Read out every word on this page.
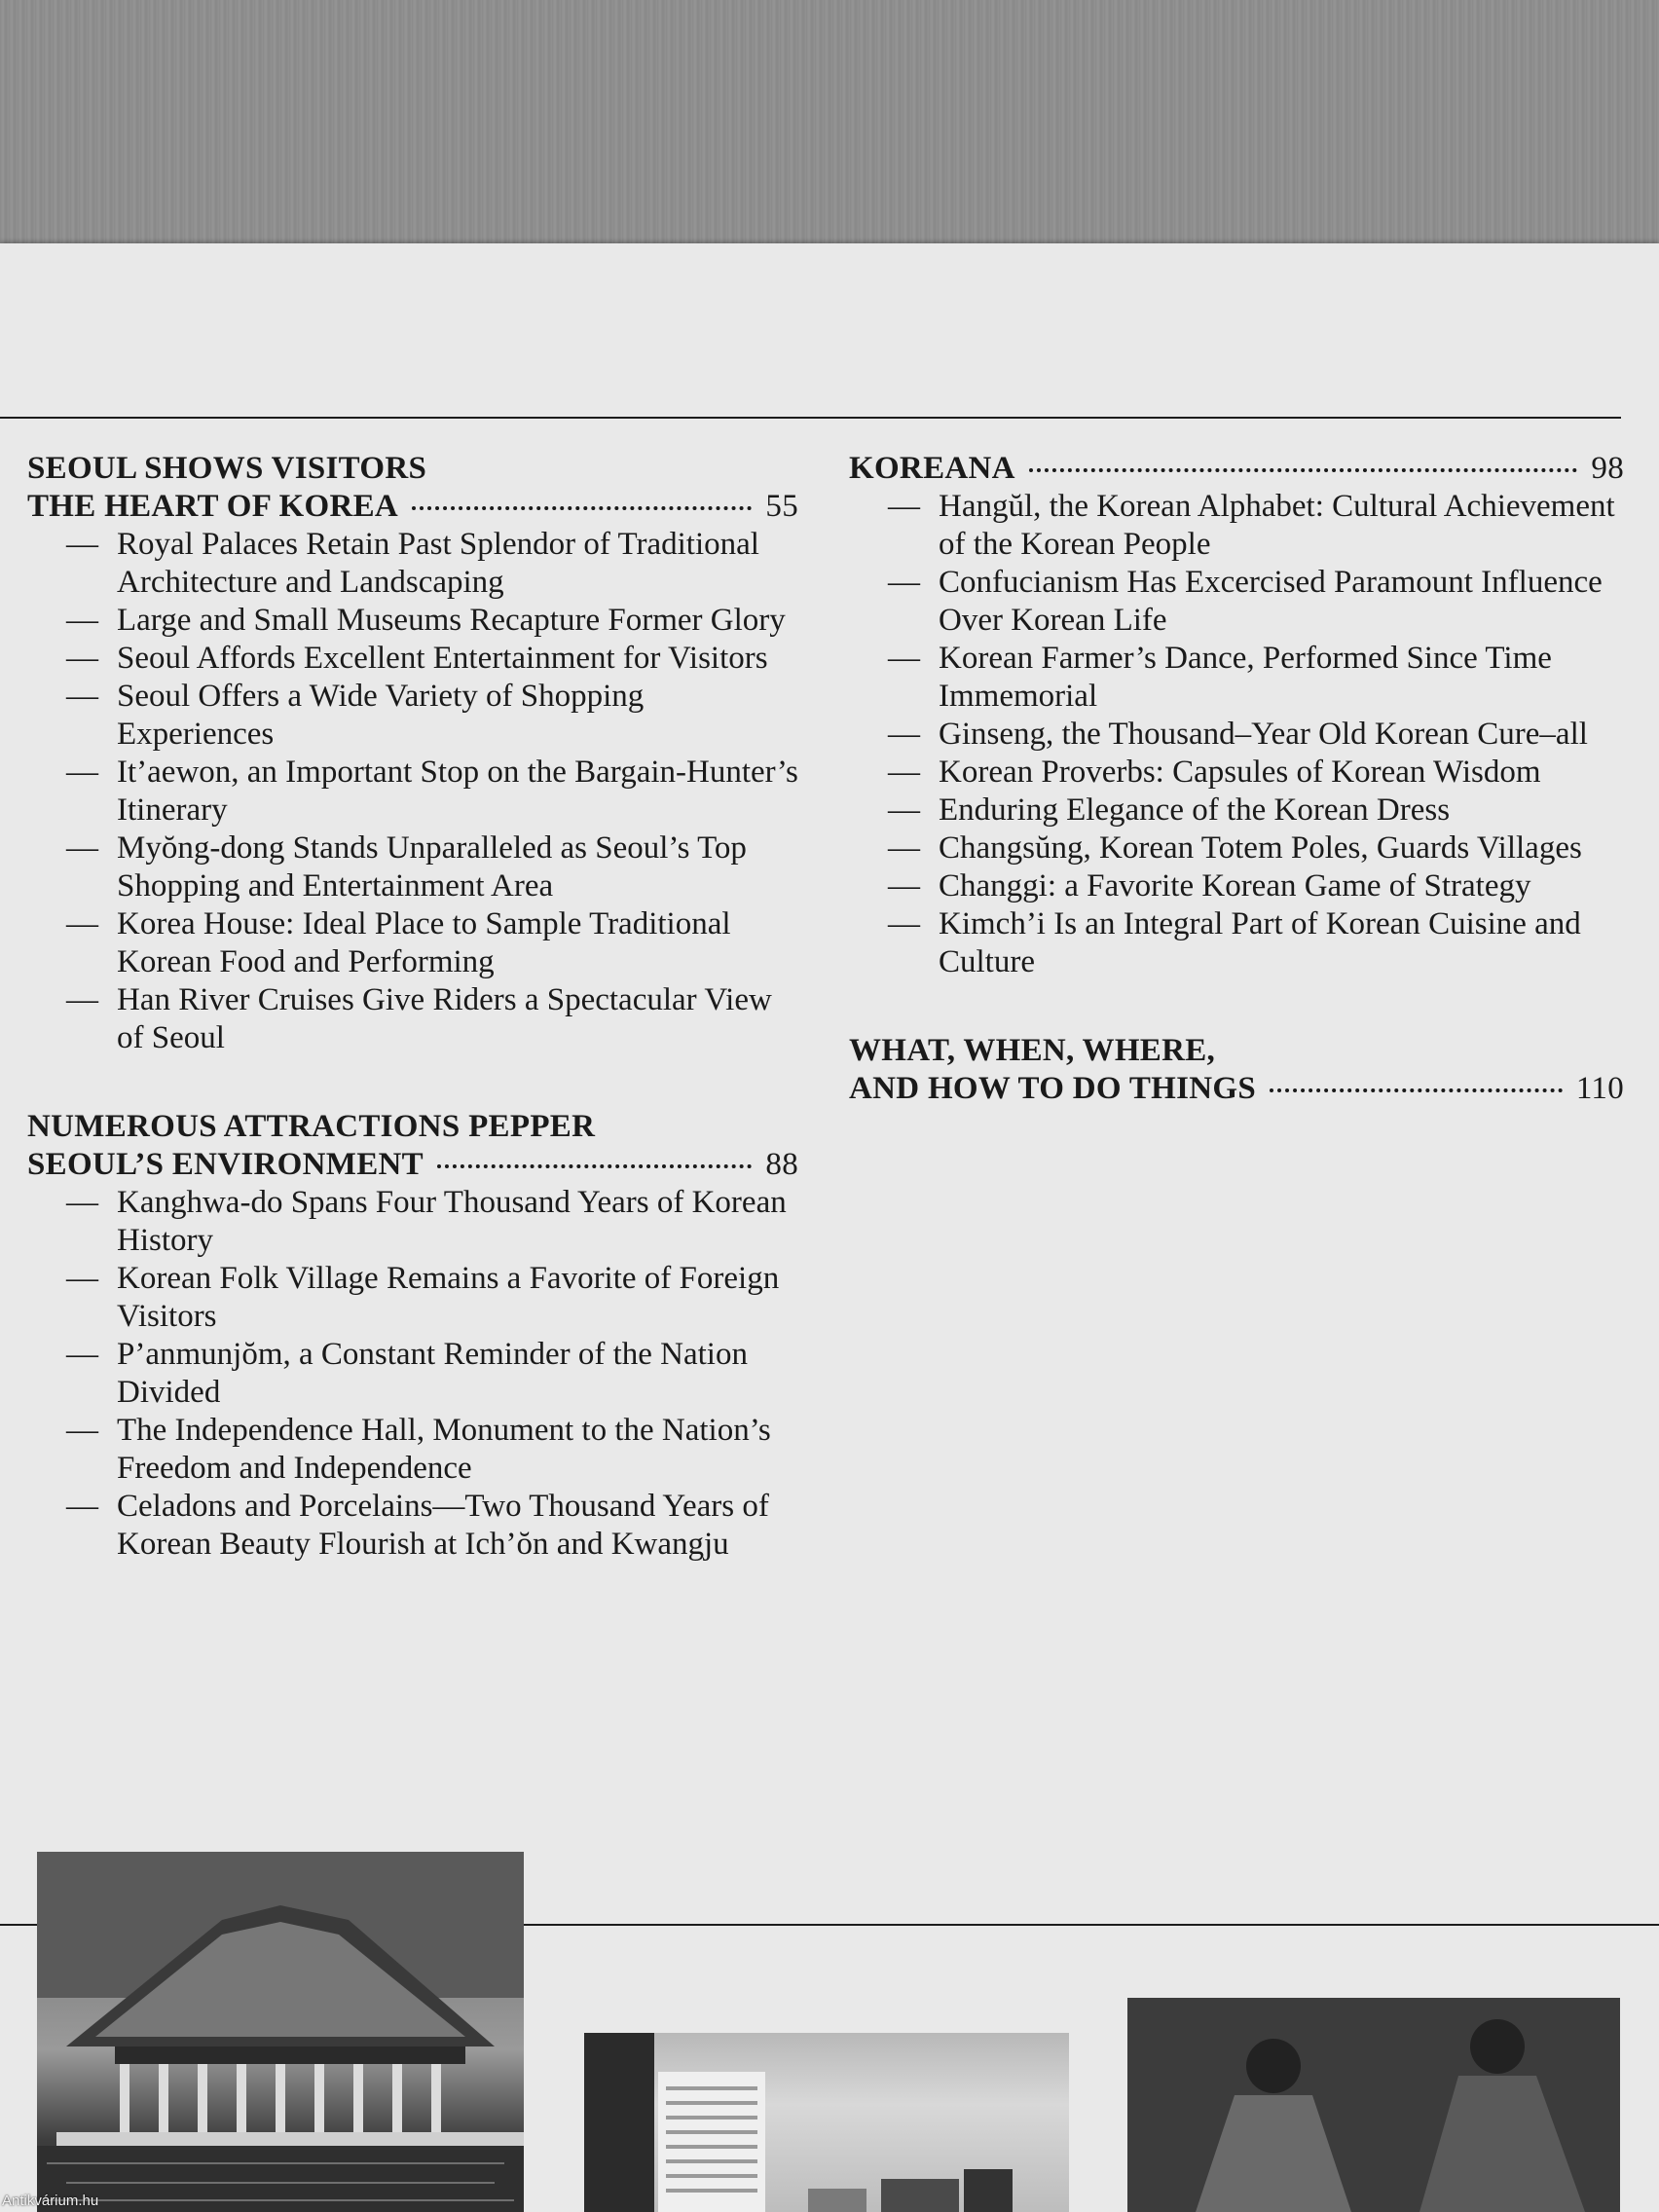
SEOUL SHOWS VISITORS
THE HEART OF KOREA	55
— Royal Palaces Retain Past Splendor of Traditional Architecture and Landscaping
— Large and Small Museums Recapture Former Glory
— Seoul Affords Excellent Entertainment for Visitors
— Seoul Offers a Wide Variety of Shopping Experiences
— It’aewon, an Important Stop on the Bargain-Hunter’s Itinerary
— Myŏng-dong Stands Unparalleled as Seoul’s Top Shopping and Entertainment Area
— Korea House: Ideal Place to Sample Traditional Korean Food and Performing
— Han River Cruises Give Riders a Spectacular View of Seoul
NUMEROUS ATTRACTIONS PEPPER
SEOUL’S ENVIRONMENT	88
— Kanghwa-do Spans Four Thousand Years of Korean History
— Korean Folk Village Remains a Favorite of Foreign Visitors
— P’anmunjŏm, a Constant Reminder of the Nation Divided
— The Independence Hall, Monument to the Nation’s Freedom and Independence
— Celadons and Porcelains—Two Thousand Years of Korean Beauty Flourish at Ich’ŏn and Kwangju
KOREANA	98
— Hangŭl, the Korean Alphabet: Cultural Achievement of the Korean People
— Confucianism Has Excercised Paramount Influence Over Korean Life
— Korean Farmer’s Dance, Performed Since Time Immemorial
— Ginseng, the Thousand–Year Old Korean Cure–all
— Korean Proverbs: Capsules of Korean Wisdom
— Enduring Elegance of the Korean Dress
— Changsŭng, Korean Totem Poles, Guards Villages
— Changgi: a Favorite Korean Game of Strategy
— Kimch’i Is an Integral Part of Korean Cuisine and Culture
WHAT, WHEN, WHERE,
AND HOW TO DO THINGS	110
Antikvárium.hu
